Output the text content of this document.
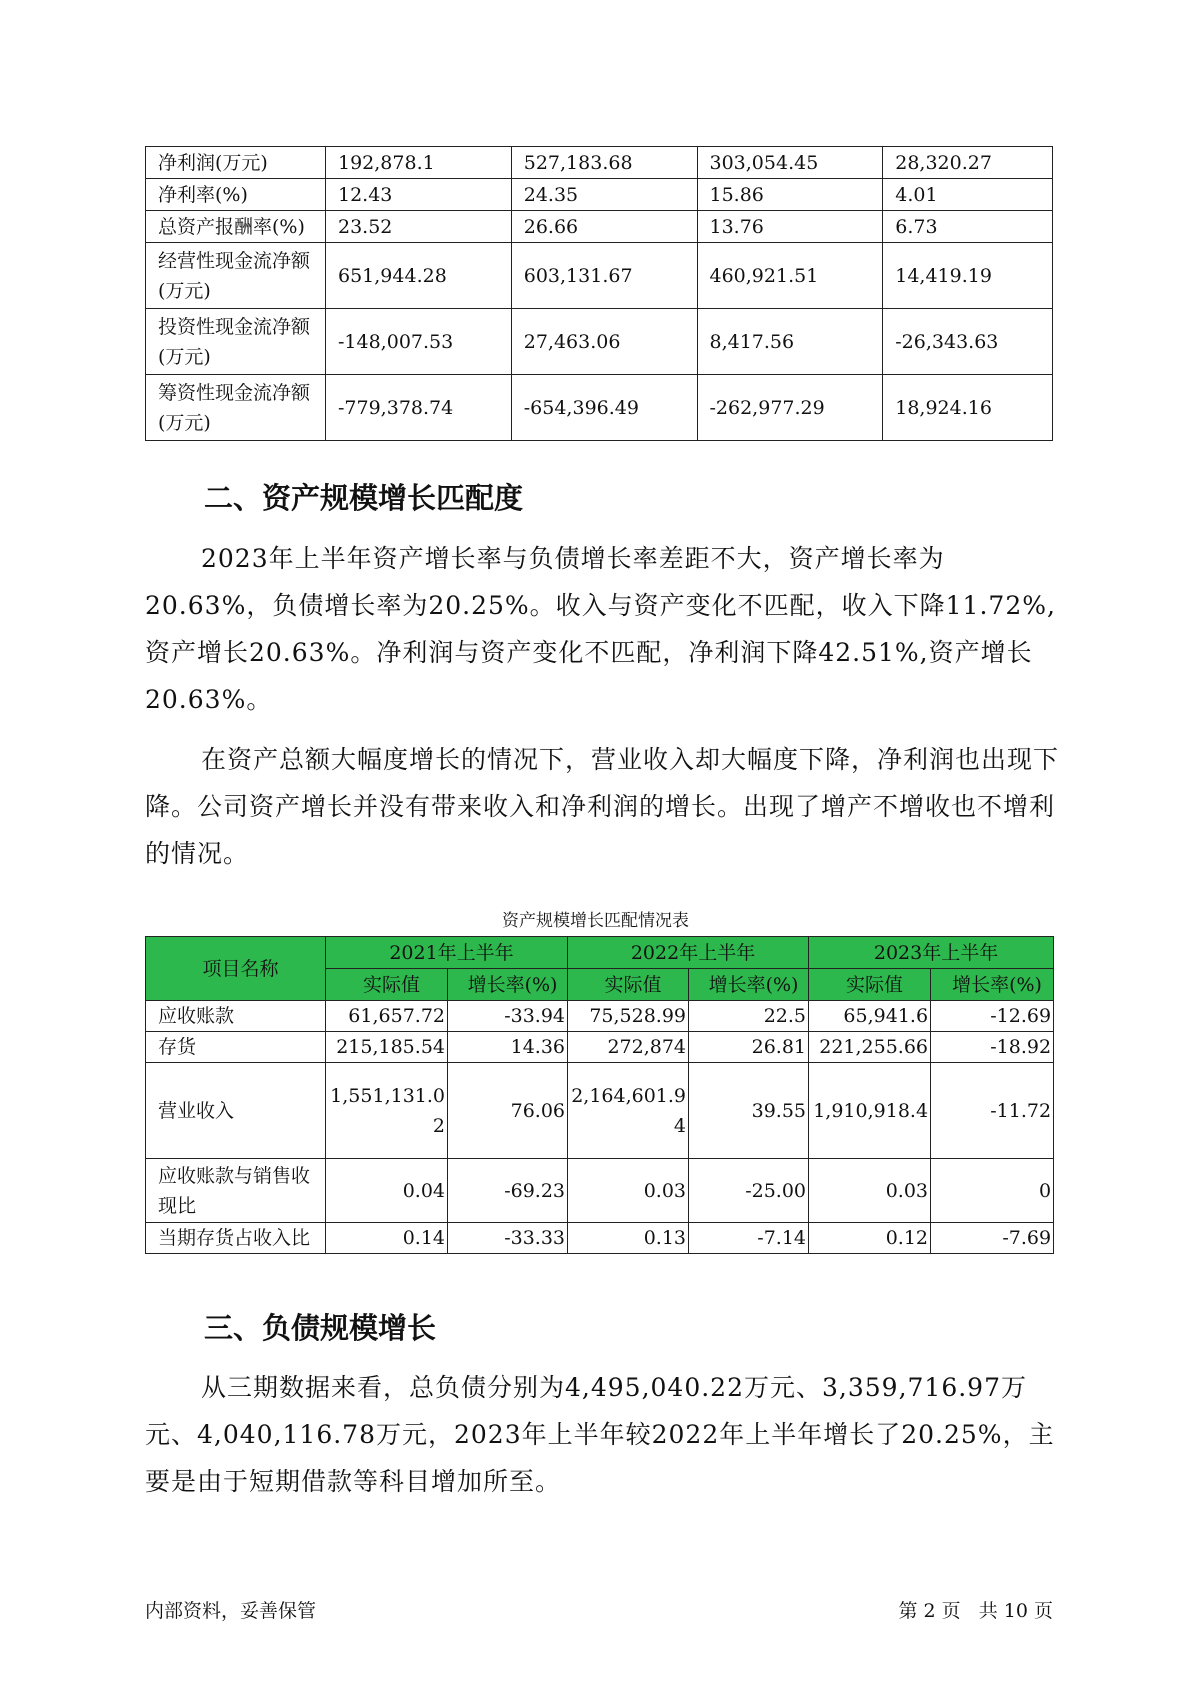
净利润(万元)	192,878.1	527,183.68	303,054.45	28,320.27
净利率(%)	12.43	24.35	15.86	4.01
总资产报酬率(%)	23.52	26.66	13.76	6.73
经营性现金流净额(万元)	651,944.28	603,131.67	460,921.51	14,419.19
投资性现金流净额(万元)	-148,007.53	27,463.06	8,417.56	-26,343.63
筹资性现金流净额(万元)	-779,378.74	-654,396.49	-262,977.29	18,924.16
二、资产规模增长匹配度

2023年上半年资产增长率与负债增长率差距不大，资产增长率为20.63%，负债增长率为20.25%。收入与资产变化不匹配，收入下降11.72%,资产增长20.63%。净利润与资产变化不匹配，净利润下降42.51%,资产增长20.63%。

在资产总额大幅度增长的情况下，营业收入却大幅度下降，净利润也出现下降。公司资产增长并没有带来收入和净利润的增长。出现了增产不增收也不增利的情况。

资产规模增长匹配情况表

项目名称	2021年上半年		2022年上半年		2023年上半年	
	实际值	增长率(%)	实际值	增长率(%)	实际值	增长率(%)
应收账款	61,657.72	-33.94	75,528.99	22.5	65,941.6	-12.69
存货	215,185.54	14.36	272,874	26.81	221,255.66	-18.92
营业收入	1,551,131.02	76.06	2,164,601.94	39.55	1,910,918.4	-11.72
应收账款与销售收现比	0.04	-69.23	0.03	-25.00	0.03	0
当期存货占收入比	0.14	-33.33	0.13	-7.14	0.12	-7.69
三、负债规模增长

从三期数据来看，总负债分别为4,495,040.22万元、3,359,716.97万元、4,040,116.78万元，2023年上半年较2022年上半年增长了20.25%，主要是由于短期借款等科目增加所至。

内部资料，妥善保管	第 2 页   共 10 页
